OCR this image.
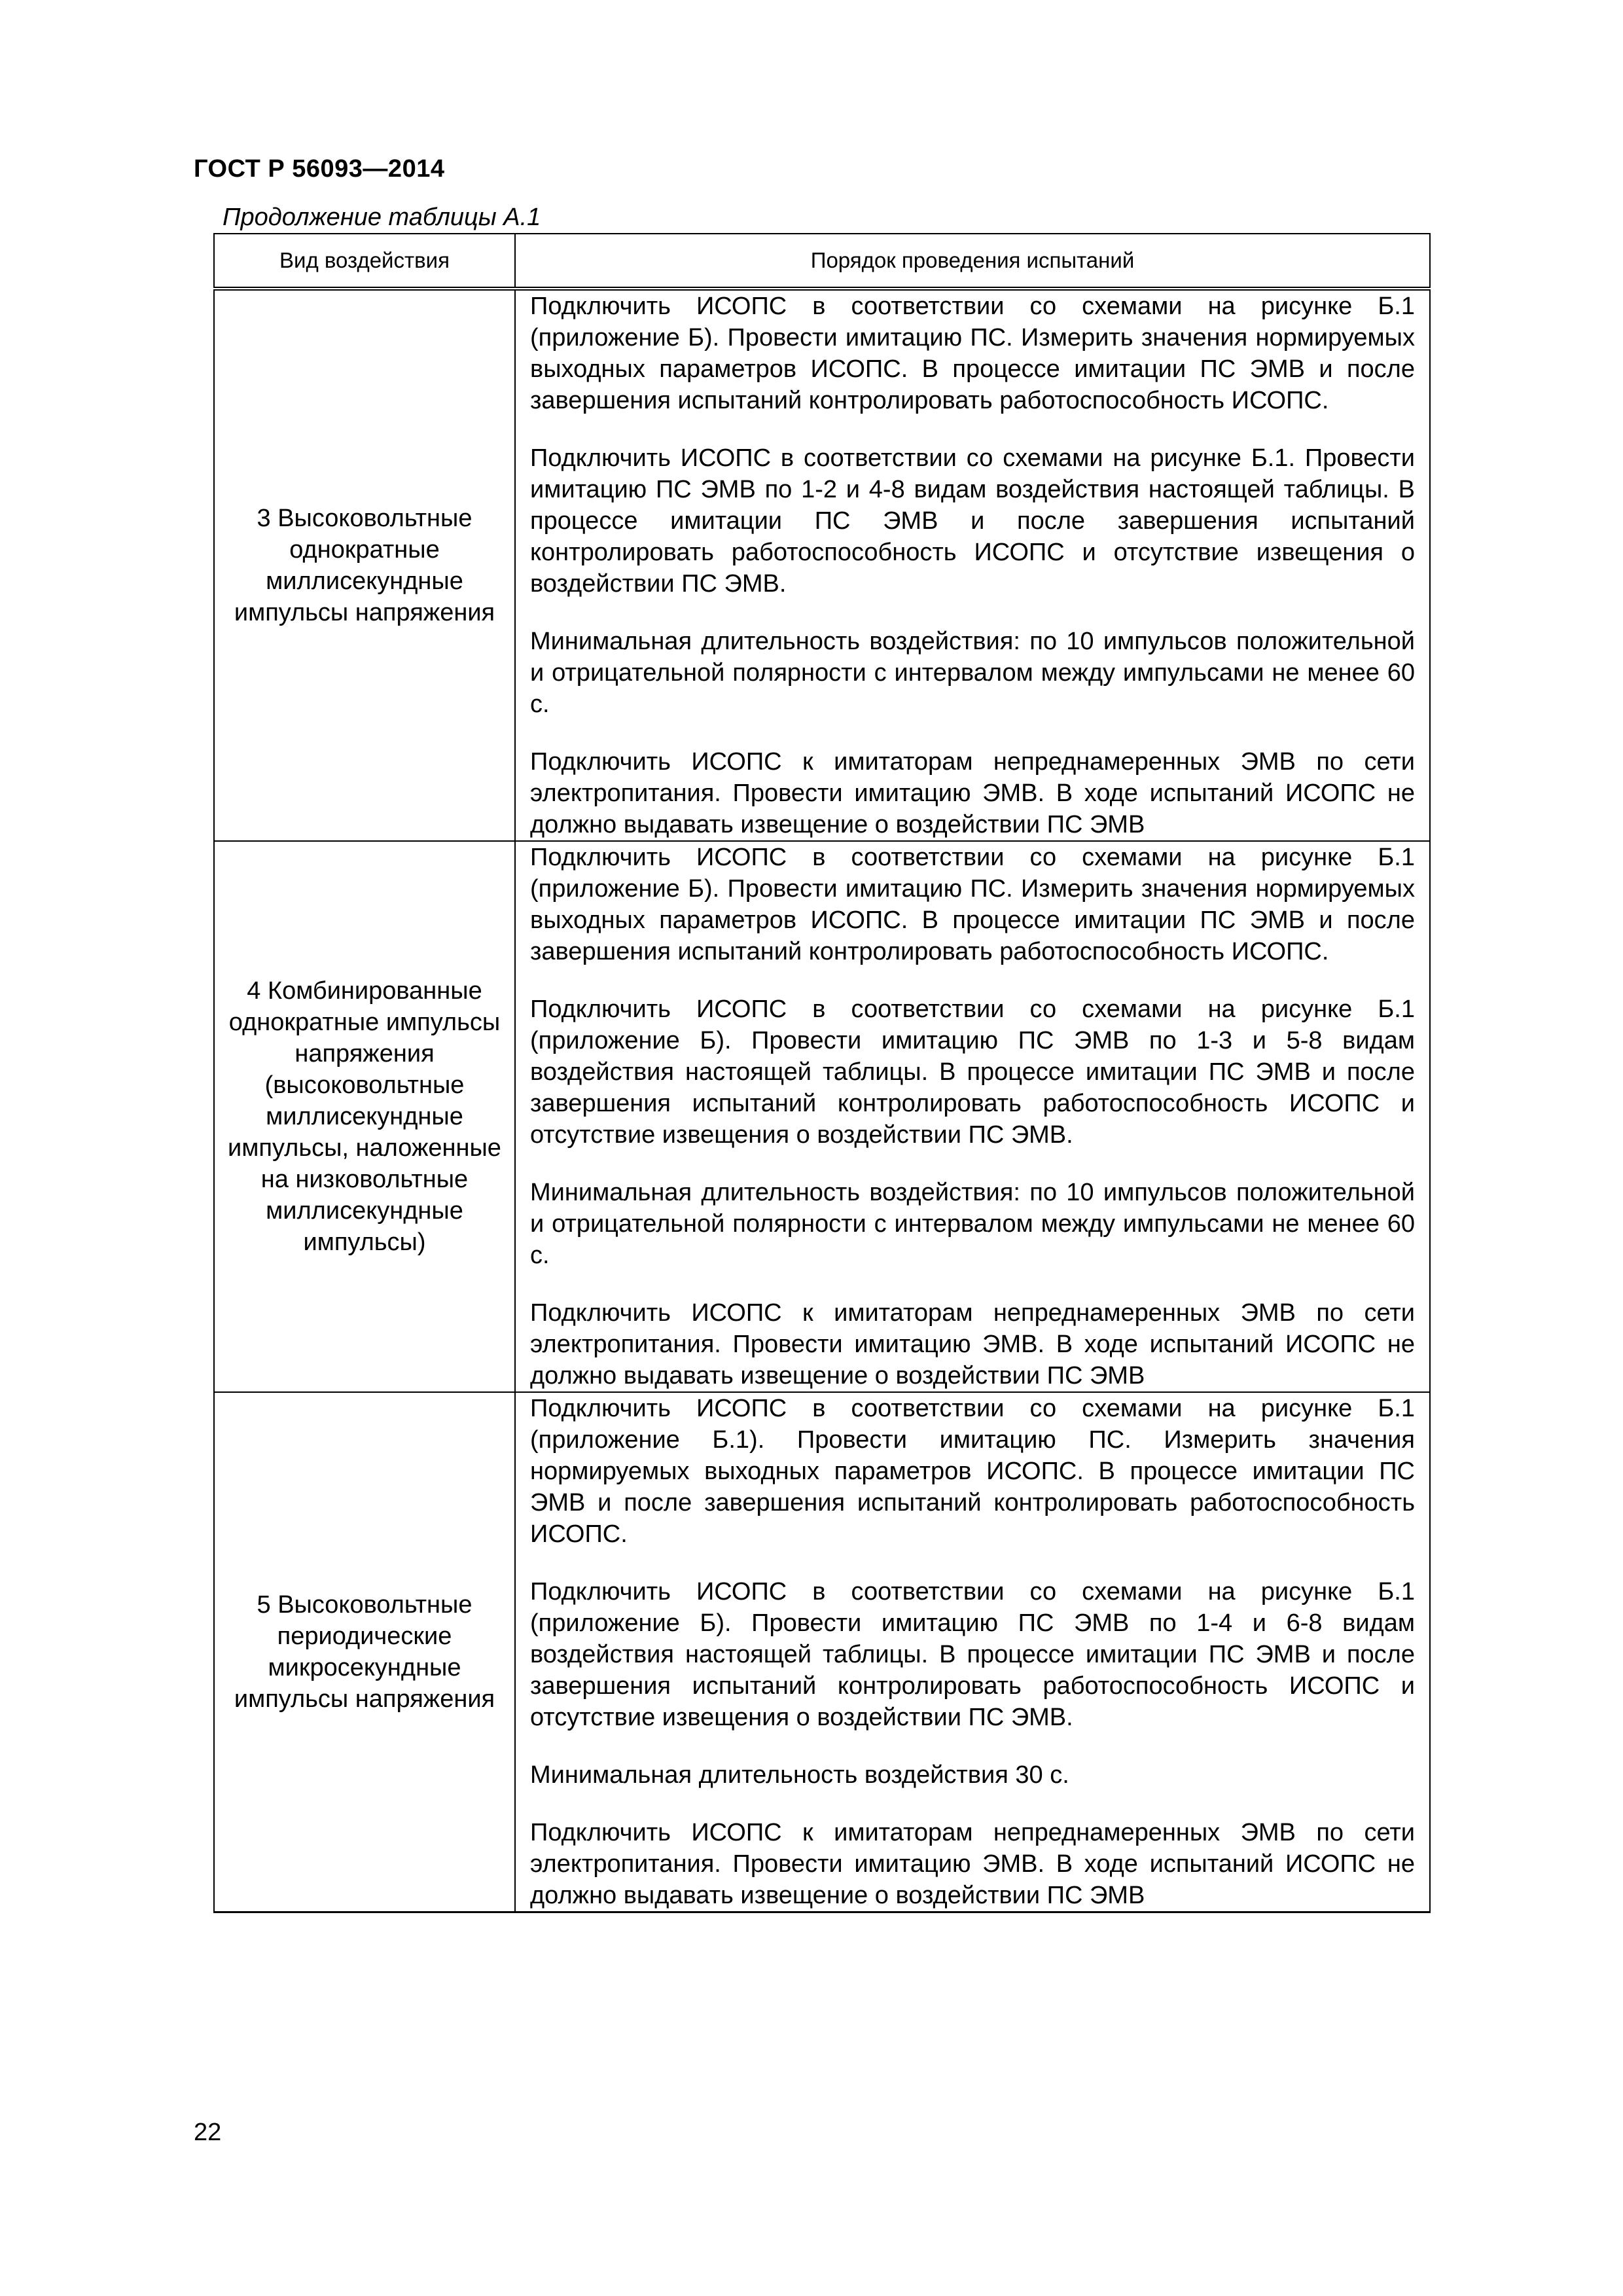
ГОСТ Р 56093—2014
Продолжение таблицы А.1
Вид воздействия	Порядок проведения испытаний
3 Высоковольтные однократные миллисекундные импульсы напряжения	Подключить ИСОПС в соответствии со схемами на рисунке Б.1 (приложение Б). Провести имитацию ПС. Измерить значения нормируемых выходных параметров ИСОПС. В процессе имитации ПС ЭМВ и после завершения испытаний контролировать работоспособность ИСОПС.

Подключить ИСОПС в соответствии со схемами на рисунке Б.1. Провести имитацию ПС ЭМВ по 1-2 и 4-8 видам воздействия настоящей таблицы. В процессе имитации ПС ЭМВ и после завершения испытаний контролировать работоспособность ИСОПС и отсутствие извещения о воздействии ПС ЭМВ.

Минимальная длительность воздействия: по 10 импульсов положительной и отрицательной полярности с интервалом между импульсами не менее 60 с.

Подключить ИСОПС к имитаторам непреднамеренных ЭМВ по сети электропитания. Провести имитацию ЭМВ. В ходе испытаний ИСОПС не должно выдавать извещение о воздействии ПС ЭМВ

4 Комбинированные однократные импульсы напряжения (высоковольтные миллисекундные импульсы, наложенные на низковольтные миллисекундные импульсы)	Подключить ИСОПС в соответствии со схемами на рисунке Б.1 (приложение Б). Провести имитацию ПС. Измерить значения нормируемых выходных параметров ИСОПС. В процессе имитации ПС ЭМВ и после завершения испытаний контролировать работоспособность ИСОПС.

Подключить ИСОПС в соответствии со схемами на рисунке Б.1 (приложение Б). Провести имитацию ПС ЭМВ по 1-3 и 5-8 видам воздействия настоящей таблицы. В процессе имитации ПС ЭМВ и после завершения испытаний контролировать работоспособность ИСОПС и отсутствие извещения о воздействии ПС ЭМВ.

Минимальная длительность воздействия: по 10 импульсов положительной и отрицательной полярности с интервалом между импульсами не менее 60 с.

Подключить ИСОПС к имитаторам непреднамеренных ЭМВ по сети электропитания. Провести имитацию ЭМВ. В ходе испытаний ИСОПС не должно выдавать извещение о воздействии ПС ЭМВ

5 Высоковольтные периодические микросекундные импульсы напряжения	Подключить ИСОПС в соответствии со схемами на рисунке Б.1 (приложение Б.1). Провести имитацию ПС. Измерить значения нормируемых выходных параметров ИСОПС. В процессе имитации ПС ЭМВ и после завершения испытаний контролировать работоспособность ИСОПС.

Подключить ИСОПС в соответствии со схемами на рисунке Б.1 (приложение Б). Провести имитацию ПС ЭМВ по 1-4 и 6-8 видам воздействия настоящей таблицы. В процессе имитации ПС ЭМВ и после завершения испытаний контролировать работоспособность ИСОПС и отсутствие извещения о воздействии ПС ЭМВ.

Минимальная длительность воздействия 30 с.

Подключить ИСОПС к имитаторам непреднамеренных ЭМВ по сети электропитания. Провести имитацию ЭМВ. В ходе испытаний ИСОПС не должно выдавать извещение о воздействии ПС ЭМВ

22
